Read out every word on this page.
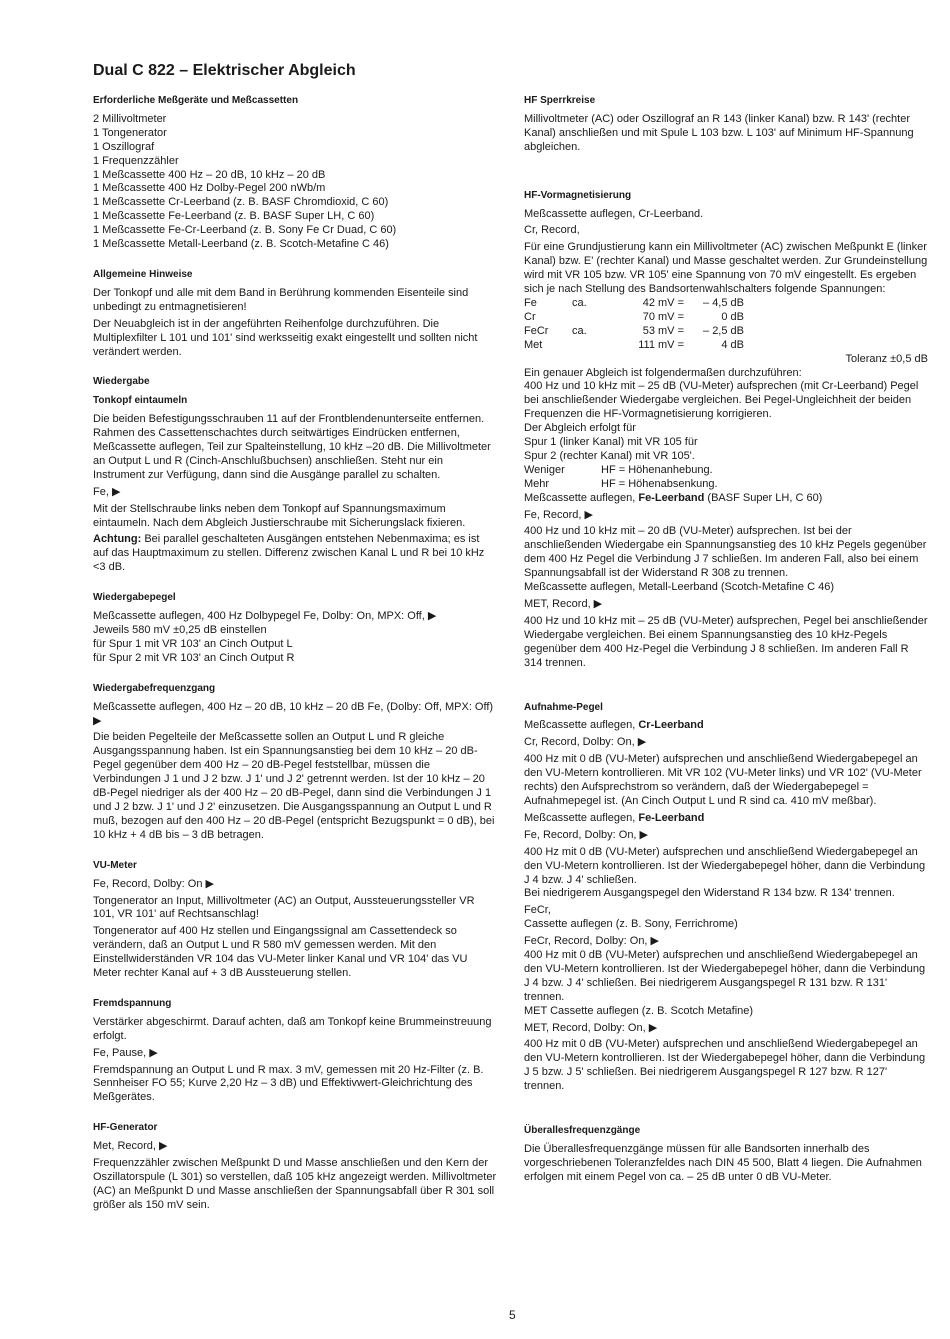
Dual C 822 – Elektrischer Abgleich
Erforderliche Meßgeräte und Meßcassetten
2 Millivoltmeter
1 Tongenerator
1 Oszillograf
1 Frequenzzähler
1 Meßcassette 400 Hz – 20 dB, 10 kHz – 20 dB
1 Meßcassette 400 Hz Dolby-Pegel 200 nWb/m
1 Meßcassette Cr-Leerband (z. B. BASF Chromdioxid, C 60)
1 Meßcassette Fe-Leerband (z. B. BASF Super LH, C 60)
1 Meßcassette Fe-Cr-Leerband (z. B. Sony Fe Cr Duad, C 60)
1 Meßcassette Metall-Leerband (z. B. Scotch-Metafine C 46)
Allgemeine Hinweise
Der Tonkopf und alle mit dem Band in Berührung kommenden Eisenteile sind unbedingt zu entmagnetisieren!
Der Neuabgleich ist in der angeführten Reihenfolge durchzuführen. Die Multiplexfilter L 101 und 101' sind werksseitig exakt eingestellt und sollten nicht verändert werden.
Wiedergabe
Tonkopf eintaumeln
Die beiden Befestigungsschrauben 11 auf der Frontblendenunterseite entfernen. Rahmen des Cassettenschachtes durch seitwärtiges Eindrücken entfernen, Meßcassette auflegen, Teil zur Spalteinstellung, 10 kHz –20 dB. Die Millivoltmeter an Output L und R (Cinch-Anschlußbuchsen) anschließen. Steht nur ein Instrument zur Verfügung, dann sind die Ausgänge parallel zu schalten.
Fe, ▶
Mit der Stellschraube links neben dem Tonkopf auf Spannungsmaximum eintaumeln. Nach dem Abgleich Justierschraube mit Sicherungslack fixieren.
Achtung: Bei parallel geschalteten Ausgängen entstehen Nebenmaxima; es ist auf das Hauptmaximum zu stellen. Differenz zwischen Kanal L und R bei 10 kHz <3 dB.
Wiedergabepegel
Meßcassette auflegen, 400 Hz Dolbypegel Fe, Dolby: On, MPX: Off, ▶
Jeweils 580 mV ±0,25 dB einstellen
für Spur 1 mit VR 103' an Cinch Output L
für Spur 2 mit VR 103' an Cinch Output R
Wiedergabefrequenzgang
Meßcassette auflegen, 400 Hz – 20 dB, 10 kHz – 20 dB Fe, (Dolby: Off, MPX: Off) ▶
Die beiden Pegelteile der Meßcassette sollen an Output L und R gleiche Ausgangsspannung haben. Ist ein Spannungsanstieg bei dem 10 kHz – 20 dB-Pegel gegenüber dem 400 Hz – 20 dB-Pegel feststellbar, müssen die Verbindungen J 1 und J 2 bzw. J 1' und J 2' getrennt werden. Ist der 10 kHz – 20 dB-Pegel niedriger als der 400 Hz – 20 dB-Pegel, dann sind die Verbindungen J 1 und J 2 bzw. J 1' und J 2' einzusetzen. Die Ausgangsspannung an Output L und R muß, bezogen auf den 400 Hz – 20 dB-Pegel (entspricht Bezugspunkt = 0 dB), bei 10 kHz + 4 dB bis – 3 dB betragen.
VU-Meter
Fe, Record, Dolby: On ▶
Tongenerator an Input, Millivoltmeter (AC) an Output, Aussteuerungssteller VR 101, VR 101' auf Rechtsanschlag!
Tongenerator auf 400 Hz stellen und Eingangssignal am Cassettendeck so verändern, daß an Output L und R 580 mV gemessen werden. Mit den Einstellwiderständen VR 104 das VU-Meter linker Kanal und VR 104' das VU Meter rechter Kanal auf + 3 dB Aussteuerung stellen.
Fremdspannung
Verstärker abgeschirmt. Darauf achten, daß am Tonkopf keine Brummeinstreuung erfolgt.
Fe, Pause, ▶
Fremdspannung an Output L und R max. 3 mV, gemessen mit 20 Hz-Filter (z. B. Sennheiser FO 55; Kurve 2,20 Hz – 3 dB) und Effektivwert-Gleichrichtung des Meßgerätes.
HF-Generator
Met, Record, ▶
Frequenzzähler zwischen Meßpunkt D und Masse anschließen und den Kern der Oszillatorspule (L 301) so verstellen, daß 105 kHz angezeigt werden. Millivoltmeter (AC) an Meßpunkt D und Masse anschließen der Spannungsabfall über R 301 soll größer als 150 mV sein.
HF Sperrkreise
Millivoltmeter (AC) oder Oszillograf an R 143 (linker Kanal) bzw. R 143' (rechter Kanal) anschließen und mit Spule L 103 bzw. L 103' auf Minimum HF-Spannung abgleichen.
HF-Vormagnetisierung
Meßcassette auflegen, Cr-Leerband.
Cr, Record,
Für eine Grundjustierung kann ein Millivoltmeter (AC) zwischen Meßpunkt E (linker Kanal) bzw. E' (rechter Kanal) und Masse geschaltet werden. Zur Grundeinstellung wird mit VR 105 bzw. VR 105' eine Spannung von 70 mV eingestellt. Es ergeben sich je nach Stellung des Bandsortenwahlschalters folgende Spannungen:
Fe	ca.	42 mV =	– 4,5 dB
Cr	70 mV =	0 dB
FeCr	ca.	53 mV =	– 2,5 dB
Met	111 mV =	4 dB
Toleranz ±0,5 dB
Ein genauer Abgleich ist folgendermaßen durchzuführen:
400 Hz und 10 kHz mit – 25 dB (VU-Meter) aufsprechen (mit Cr-Leerband) Pegel bei anschließender Wiedergabe vergleichen. Bei Pegel-Ungleichheit der beiden Frequenzen die HF-Vormagnetisierung korrigieren.
Der Abgleich erfolgt für
Spur 1 (linker Kanal) mit VR 105 für
Spur 2 (rechter Kanal) mit VR 105'.
Weniger	HF = Höhenanhebung.
Mehr	HF = Höhenabsenkung.
Meßcassette auflegen, Fe-Leerband (BASF Super LH, C 60)
Fe, Record, ▶
400 Hz und 10 kHz mit – 20 dB (VU-Meter) aufsprechen. Ist bei der anschließenden Wiedergabe ein Spannungsanstieg des 10 kHz Pegels gegenüber dem 400 Hz Pegel die Verbindung J 7 schließen. Im anderen Fall, also bei einem Spannungsabfall ist der Widerstand R 308 zu trennen.
Meßcassette auflegen, Metall-Leerband (Scotch-Metafine C 46)
MET, Record, ▶
400 Hz und 10 kHz mit – 25 dB (VU-Meter) aufsprechen, Pegel bei anschließender Wiedergabe vergleichen. Bei einem Spannungsanstieg des 10 kHz-Pegels gegenüber dem 400 Hz-Pegel die Verbindung J 8 schließen. Im anderen Fall R 314 trennen.
Aufnahme-Pegel
Meßcassette auflegen, Cr-Leerband
Cr, Record, Dolby: On, ▶
400 Hz mit 0 dB (VU-Meter) aufsprechen und anschließend Wiedergabepegel an den VU-Metern kontrollieren. Mit VR 102 (VU-Meter links) und VR 102' (VU-Meter rechts) den Aufsprechstrom so verändern, daß der Wiedergabepegel = Aufnahmepegel ist. (An Cinch Output L und R sind ca. 410 mV meßbar).
Meßcassette auflegen, Fe-Leerband
Fe, Record, Dolby: On, ▶
400 Hz mit 0 dB (VU-Meter) aufsprechen und anschließend Wiedergabepegel an den VU-Metern kontrollieren. Ist der Wiedergabepegel höher, dann die Verbindung J 4 bzw. J 4' schließen.
Bei niedrigerem Ausgangspegel den Widerstand R 134 bzw. R 134' trennen.
FeCr,
Cassette auflegen (z. B. Sony, Ferrichrome)
FeCr, Record, Dolby: On, ▶
400 Hz mit 0 dB (VU-Meter) aufsprechen und anschließend Wiedergabepegel an den VU-Metern kontrollieren. Ist der Wiedergabepegel höher, dann die Verbindung J 4 bzw. J 4' schließen. Bei niedrigerem Ausgangspegel R 131 bzw. R 131' trennen.
MET Cassette auflegen (z. B. Scotch Metafine)
MET, Record, Dolby: On, ▶
400 Hz mit 0 dB (VU-Meter) aufsprechen und anschließend Wiedergabepegel an den VU-Metern kontrollieren. Ist der Wiedergabepegel höher, dann die Verbindung J 5 bzw. J 5' schließen. Bei niedrigerem Ausgangspegel R 127 bzw. R 127' trennen.
Überallesfrequenzgänge
Die Überallesfrequenzgänge müssen für alle Bandsorten innerhalb des vorgeschriebenen Toleranzfeldes nach DIN 45 500, Blatt 4 liegen. Die Aufnahmen erfolgen mit einem Pegel von ca. – 25 dB unter 0 dB VU-Meter.
5
